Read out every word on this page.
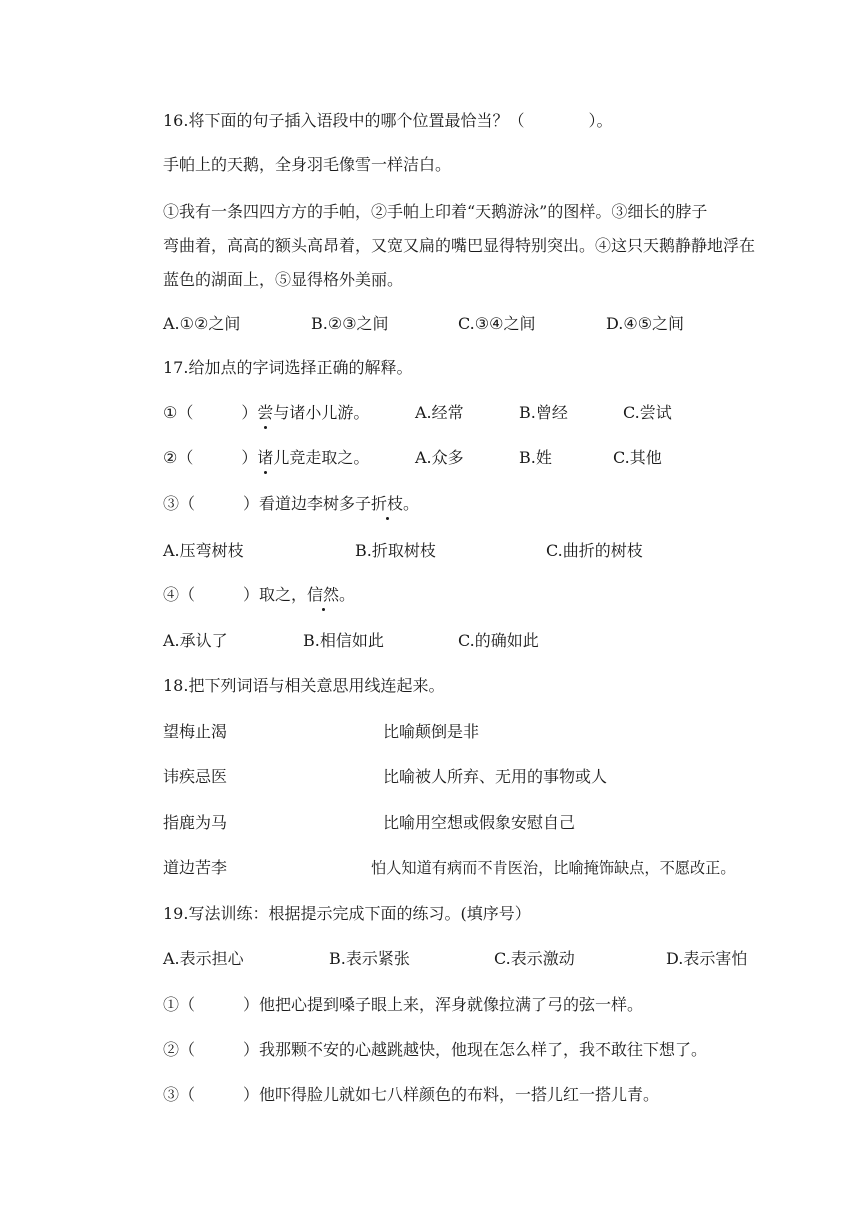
16.将下面的句子插入语段中的哪个位置最恰当？（　　　　）。
手帕上的天鹅，全身羽毛像雪一样洁白。
①我有一条四四方方的手帕，②手帕上印着“天鹅游泳”的图样。③细长的脖子
弯曲着，高高的额头高昂着，又宽又扁的嘴巴显得特别突出。④这只天鹅静静地浮在
蓝色的湖面上，⑤显得格外美丽。
A.①②之间	B.②③之间	C.③④之间	D.④⑤之间
17.给加点的字词选择正确的解释。
①（　　　）尝与诸小儿游。	A.经常	B.曾经	C.尝试
②（　　　）诸儿竞走取之。	A.众多	B.姓	C.其他
③（　　　）看道边李树多子折枝。
A.压弯树枝	B.折取树枝	C.曲折的树枝
④（　　　）取之，信然。
A.承认了	B.相信如此	C.的确如此
18.把下列词语与相关意思用线连起来。
望梅止渴	比喻颠倒是非
讳疾忌医	比喻被人所弃、无用的事物或人
指鹿为马	比喻用空想或假象安慰自己
道边苦李	怕人知道有病而不肯医治，比喻掩饰缺点，不愿改正。
19.写法训练：根据提示完成下面的练习。(填序号）
A.表示担心	B.表示紧张	C.表示激动	D.表示害怕
①（　　　）他把心提到嗓子眼上来，浑身就像拉满了弓的弦一样。
②（　　　）我那颗不安的心越跳越快，他现在怎么样了，我不敢往下想了。
③（　　　）他吓得脸儿就如七八样颜色的布料，一搭儿红一搭儿青。
